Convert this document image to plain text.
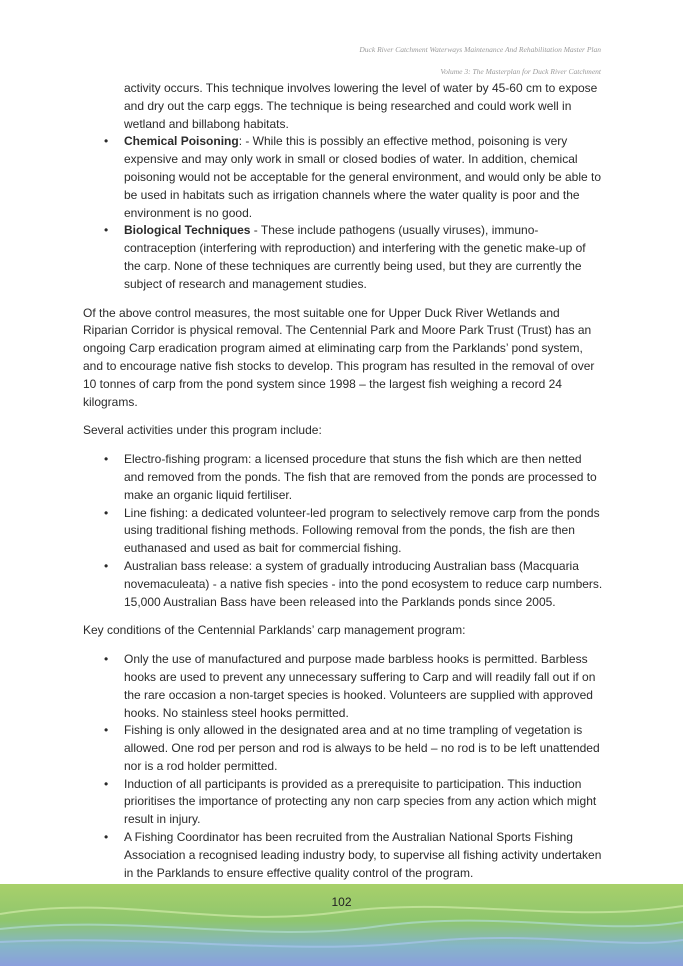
Duck River Catchment Waterways Maintenance And Rehabilitation Master Plan
Volume 3: The Masterplan for Duck River Catchment
activity occurs. This technique involves lowering the level of water by 45-60 cm to expose and dry out the carp eggs. The technique is being researched and could work well in wetland and billabong habitats.
• Chemical Poisoning: - While this is possibly an effective method, poisoning is very expensive and may only work in small or closed bodies of water. In addition, chemical poisoning would not be acceptable for the general environment, and would only be able to be used in habitats such as irrigation channels where the water quality is poor and the environment is no good.
• Biological Techniques - These include pathogens (usually viruses), immuno-contraception (interfering with reproduction) and interfering with the genetic make-up of the carp. None of these techniques are currently being used, but they are currently the subject of research and management studies.

Of the above control measures, the most suitable one for Upper Duck River Wetlands and Riparian Corridor is physical removal. The Centennial Park and Moore Park Trust (Trust) has an ongoing Carp eradication program aimed at eliminating carp from the Parklands’ pond system, and to encourage native fish stocks to develop. This program has resulted in the removal of over 10 tonnes of carp from the pond system since 1998 – the largest fish weighing a record 24 kilograms.

Several activities under this program include:

• Electro-fishing program: a licensed procedure that stuns the fish which are then netted and removed from the ponds. The fish that are removed from the ponds are processed to make an organic liquid fertiliser.
• Line fishing: a dedicated volunteer-led program to selectively remove carp from the ponds using traditional fishing methods. Following removal from the ponds, the fish are then euthanased and used as bait for commercial fishing.
• Australian bass release: a system of gradually introducing Australian bass (Macquaria novemaculeata) - a native fish species - into the pond ecosystem to reduce carp numbers. 15,000 Australian Bass have been released into the Parklands ponds since 2005.

Key conditions of the Centennial Parklands’ carp management program:

• Only the use of manufactured and purpose made barbless hooks is permitted. Barbless hooks are used to prevent any unnecessary suffering to Carp and will readily fall out if on the rare occasion a non-target species is hooked. Volunteers are supplied with approved hooks. No stainless steel hooks permitted.
• Fishing is only allowed in the designated area and at no time trampling of vegetation is allowed. One rod per person and rod is always to be held – no rod is to be left unattended nor is a rod holder permitted.
• Induction of all participants is provided as a prerequisite to participation. This induction prioritises the importance of protecting any non carp species from any action which might result in injury.
• A Fishing Coordinator has been recruited from the Australian National Sports Fishing Association a recognised leading industry body, to supervise all fishing activity undertaken in the Parklands to ensure effective quality control of the program.
102
